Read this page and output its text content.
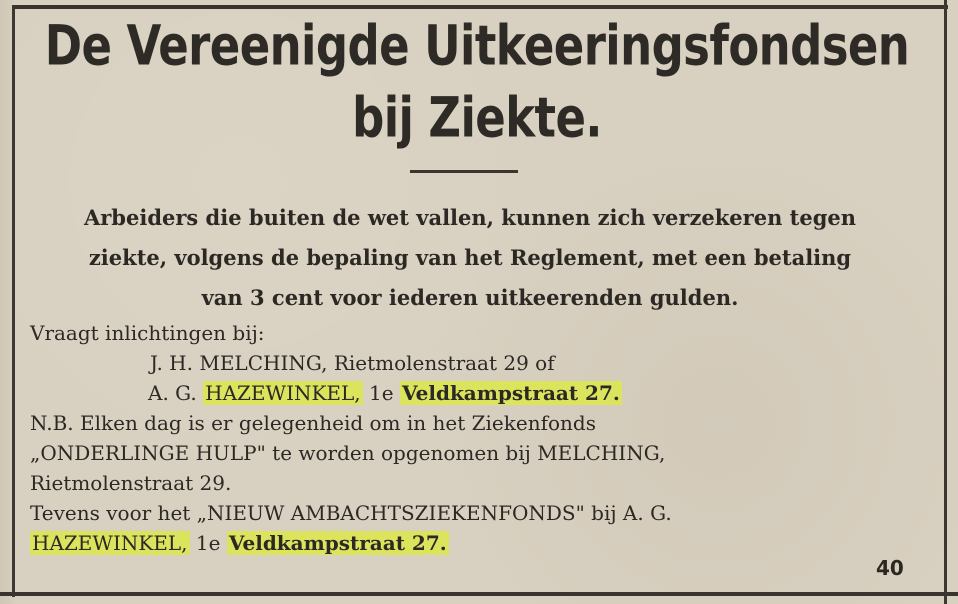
De Vereenigde Uitkeeringsfondsen
bij Ziekte.
Arbeiders die buiten de wet vallen, kunnen zich verzekeren tegen
ziekte, volgens de bepaling van het Reglement, met een betaling
van 3 cent voor iederen uitkeerenden gulden.
Vraagt inlichtingen bij:
J. H. MELCHING, Rietmolenstraat 29 of
A. G. HAZEWINKEL, 1e Veldkampstraat 27.
N.B. Elken dag is er gelegenheid om in het Ziekenfonds
„ONDERLINGE HULP" te worden opgenomen bij MELCHING,
Rietmolenstraat 29.
Tevens voor het „NIEUW AMBACHTSZIEKENFONDS" bij A. G.
HAZEWINKEL, 1e Veldkampstraat 27.
40
